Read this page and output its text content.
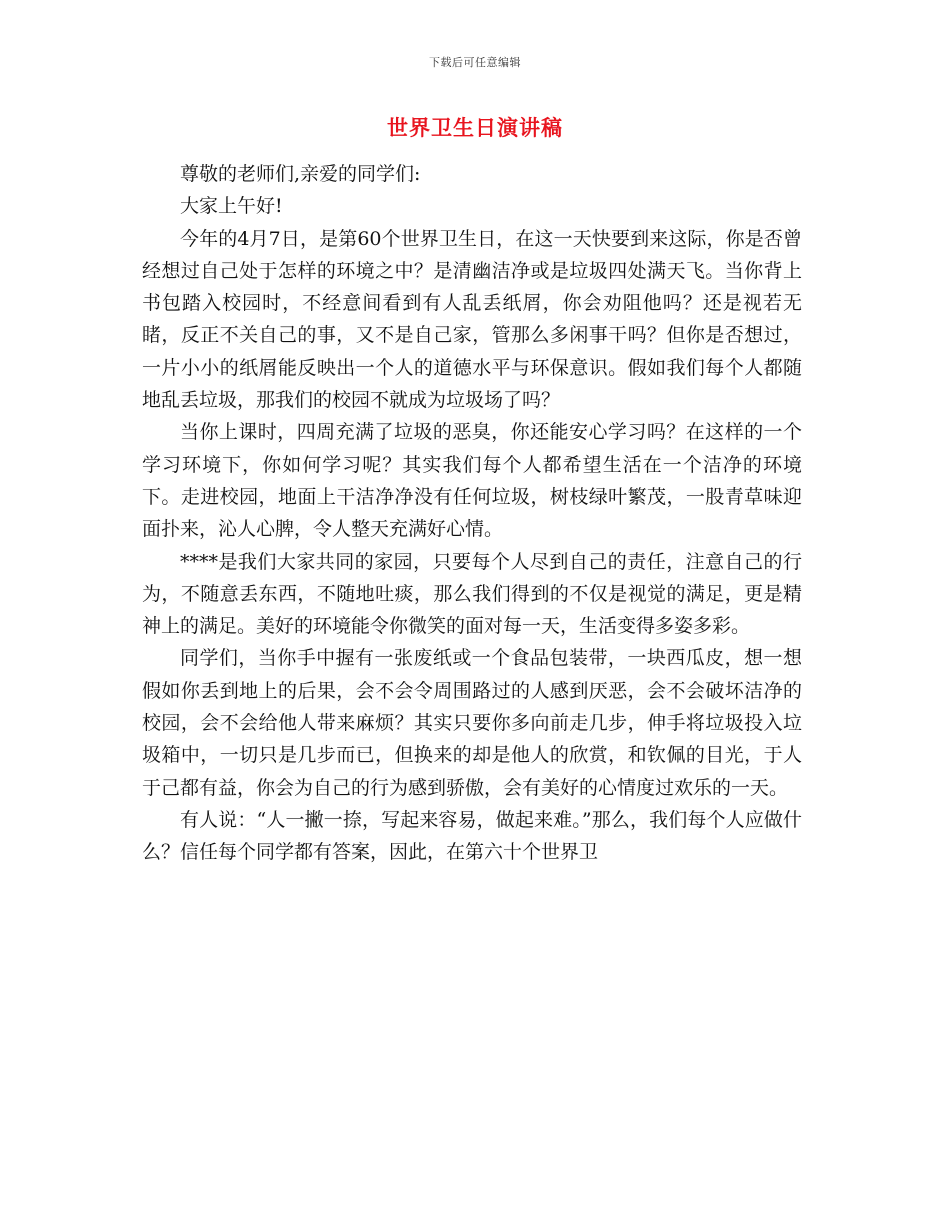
下载后可任意编辑
世界卫生日演讲稿

尊敬的老师们,亲爱的同学们:

大家上午好!

今年的4月7日，是第60个世界卫生日，在这一天快要到来这际，你是否曾经想过自己处于怎样的环境之中？是清幽洁净或是垃圾四处满天飞。当你背上书包踏入校园时，不经意间看到有人乱丢纸屑，你会劝阻他吗？还是视若无睹，反正不关自己的事，又不是自己家，管那么多闲事干吗？但你是否想过，一片小小的纸屑能反映出一个人的道德水平与环保意识。假如我们每个人都随地乱丢垃圾，那我们的校园不就成为垃圾场了吗？

当你上课时，四周充满了垃圾的恶臭，你还能安心学习吗？在这样的一个学习环境下，你如何学习呢？其实我们每个人都希望生活在一个洁净的环境下。走进校园，地面上干洁净净没有任何垃圾，树枝绿叶繁茂，一股青草味迎面扑来，沁人心脾，令人整天充满好心情。

****是我们大家共同的家园，只要每个人尽到自己的责任，注意自己的行为，不随意丢东西，不随地吐痰，那么我们得到的不仅是视觉的满足，更是精神上的满足。美好的环境能令你微笑的面对每一天，生活变得多姿多彩。

同学们，当你手中握有一张废纸或一个食品包装带，一块西瓜皮，想一想假如你丢到地上的后果，会不会令周围路过的人感到厌恶，会不会破坏洁净的校园，会不会给他人带来麻烦？其实只要你多向前走几步，伸手将垃圾投入垃圾箱中，一切只是几步而已，但换来的却是他人的欣赏，和钦佩的目光，于人于己都有益，你会为自己的行为感到骄傲，会有美好的心情度过欢乐的一天。

有人说：“人一撇一捺，写起来容易，做起来难。”那么，我们每个人应做什么？信任每个同学都有答案，因此，在第六十个世界卫
